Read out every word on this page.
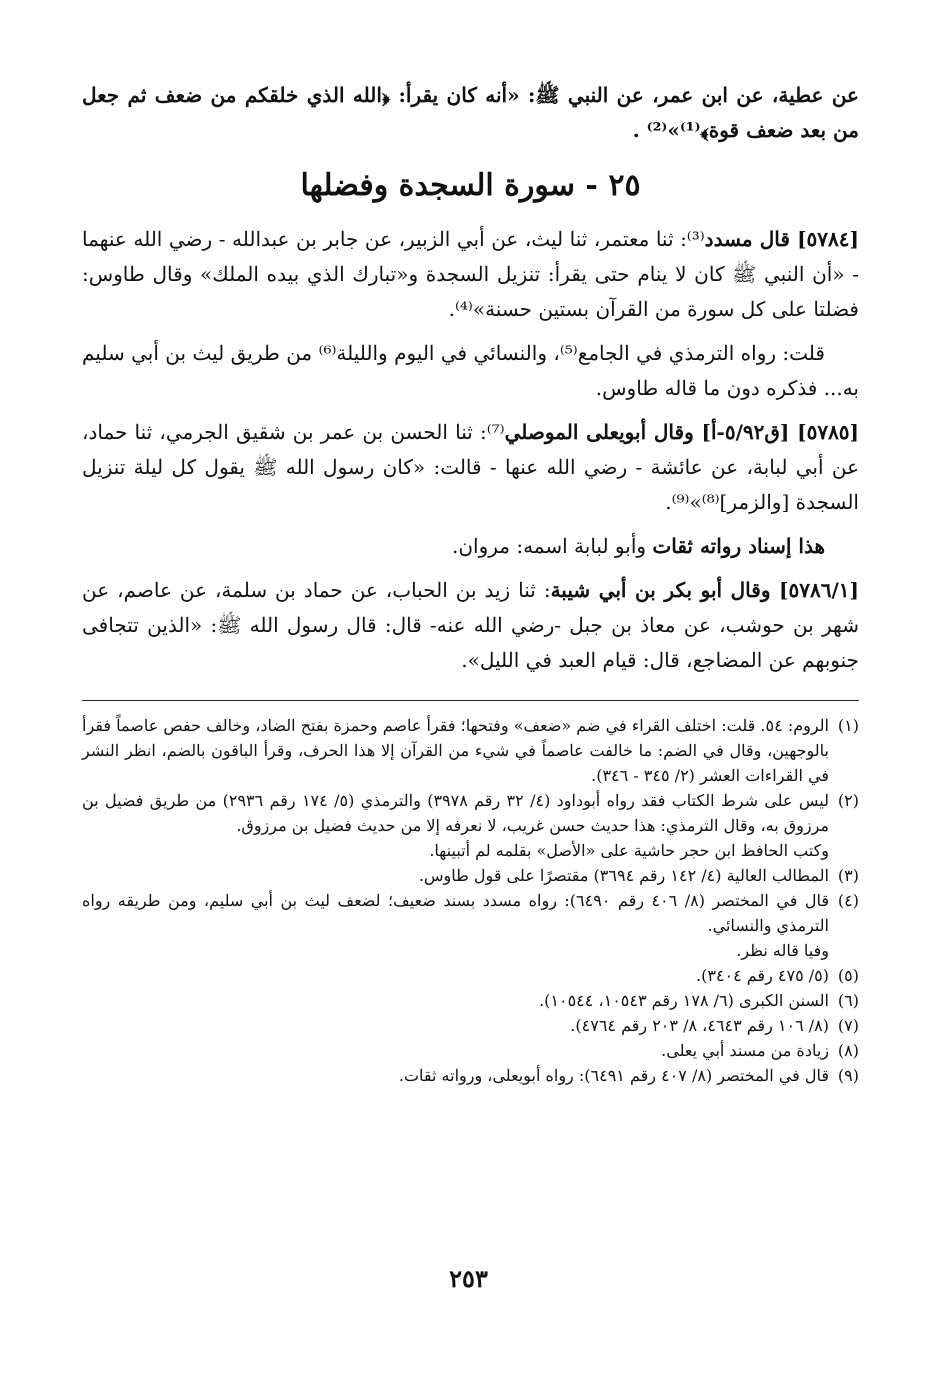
عن عطية، عن ابن عمر، عن النبي ﷺ: «أنه كان يقرأ: ﴿الله الذي خلقكم من ضعف ثم جعل من بعد ضعف قوة﴾⁽¹⁾»⁽²⁾ .

٢٥ - سورة السجدة وفضلها

[٥٧٨٤] قال مسدد⁽³⁾: ثنا معتمر، ثنا ليث، عن أبي الزبير، عن جابر بن عبدالله - رضي الله عنهما - «أن النبي ﷺ كان لا ينام حتى يقرأ: تنزيل السجدة و«تبارك الذي بيده الملك» وقال طاوس: فضلتا على كل سورة من القرآن بستين حسنة»⁽⁴⁾.

قلت: رواه الترمذي في الجامع⁽⁵⁾، والنسائي في اليوم والليلة⁽⁶⁾ من طريق ليث بن أبي سليم به... فذكره دون ما قاله طاوس.

[٥٧٨٥] [ق٥/٩٢-أ] وقال أبويعلى الموصلي⁽⁷⁾: ثنا الحسن بن عمر بن شقيق الجرمي، ثنا حماد، عن أبي لبابة، عن عائشة - رضي الله عنها - قالت: «كان رسول الله ﷺ يقول كل ليلة تنزيل السجدة [والزمر]⁽⁸⁾»⁽⁹⁾.

هذا إسناد رواته ثقات وأبو لبابة اسمه: مروان.

[٥٧٨٦/١] وقال أبو بكر بن أبي شيبة: ثنا زيد بن الحباب، عن حماد بن سلمة، عن عاصم، عن شهر بن حوشب، عن معاذ بن جبل -رضي الله عنه- قال: قال رسول الله ﷺ: «الذين تتجافى جنوبهم عن المضاجع، قال: قيام العبد في الليل».

(١)
الروم: ٥٤. قلت: اختلف القراء في ضم «ضعف» وفتحها؛ فقرأ عاصم وحمزة بفتح الضاد، وخالف حفص عاصماً فقرأ بالوجهين، وقال في الضم: ما خالفت عاصماً في شيء من القرآن إلا هذا الحرف، وقرأ الباقون بالضم، انظر النشر في القراءات العشر (٢/ ٣٤٥ - ٣٤٦).
(٢)
ليس على شرط الكتاب فقد رواه أبوداود (٤/ ٣٢ رقم ٣٩٧٨) والترمذي (٥/ ١٧٤ رقم ٢٩٣٦) من طريق فضيل بن مرزوق به، وقال الترمذي: هذا حديث حسن غريب، لا نعرفه إلا من حديث فضيل بن مرزوق.
وكتب الحافظ ابن حجر حاشية على «الأصل» بقلمه لم أتبينها.
(٣)
المطالب العالية (٤/ ١٤٢ رقم ٣٦٩٤) مقتصرًا على قول طاوس.
(٤)
قال في المختصر (٨/ ٤٠٦ رقم ٦٤٩٠): رواه مسدد بسند ضعيف؛ لضعف ليث بن أبي سليم، ومن طريقه رواه الترمذي والنسائي.
وفيا قاله نظر.
(٥)
(٥/ ٤٧٥ رقم ٣٤٠٤).
(٦)
السنن الكبرى (٦/ ١٧٨ رقم ١٠٥٤٣، ١٠٥٤٤).
(٧)
(٨/ ١٠٦ رقم ٤٦٤٣، ٨/ ٢٠٣ رقم ٤٧٦٤).
(٨)
زيادة من مسند أبي يعلى.
(٩)
قال في المختصر (٨/ ٤٠٧ رقم ٦٤٩١): رواه أبويعلى، ورواته ثقات.
٢٥٣
